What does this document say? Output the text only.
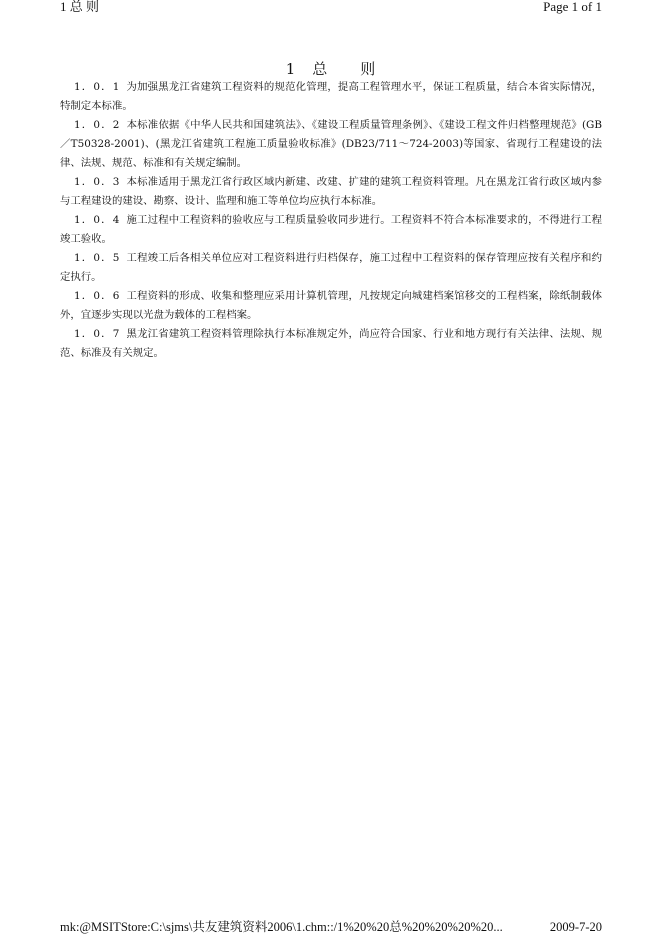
1 总 则	Page 1 of 1
1　总　　则

1．0．1 为加强黑龙江省建筑工程资料的规范化管理，提高工程管理水平，保证工程质量，结合本省实际情况，特制定本标准。

1．0．2 本标准依据《中华人民共和国建筑法》、《建设工程质量管理条例》、《建设工程文件归档整理规范》(GB／T50328-2001)、(黑龙江省建筑工程施工质量验收标准》(DB23/711～724-2003)等国家、省现行工程建设的法律、法规、规范、标准和有关规定编制。

1．0．3 本标准适用于黑龙江省行政区域内新建、改建、扩建的建筑工程资料管理。凡在黑龙江省行政区域内参与工程建设的建设、勘察、设计、监理和施工等单位均应执行本标准。

1．0．4 施工过程中工程资料的验收应与工程质量验收同步进行。工程资料不符合本标准要求的，不得进行工程竣工验收。

1．0．5 工程竣工后各相关单位应对工程资料进行归档保存，施工过程中工程资料的保存管理应按有关程序和约定执行。

1．0．6 工程资料的形成、收集和整理应采用计算机管理，凡按规定向城建档案馆移交的工程档案，除纸制载体外，宜逐步实现以光盘为载体的工程档案。

1．0．7 黑龙江省建筑工程资料管理除执行本标准规定外，尚应符合国家、行业和地方现行有关法律、法规、规范、标准及有关规定。

mk:@MSITStore:C:\sjms\共友建筑资料2006\1.chm::/1%20%20总%20%20%20%20...	2009-7-20
